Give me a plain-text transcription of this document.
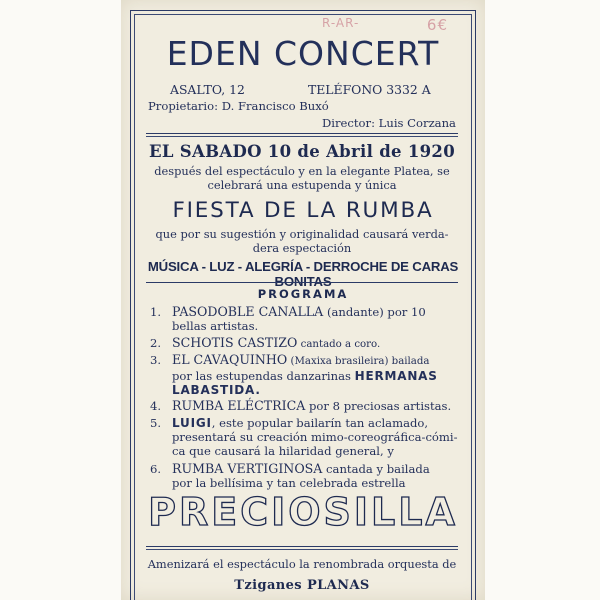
R-AR-	6€
EDEN CONCERT
ASALTO, 12	TELÉFONO 3332 A
Propietario: D. Francisco Buxó
Director: Luis Corzana
EL SABADO 10 de Abril de 1920
después del espectáculo y en la elegante Platea, se
celebrará una estupenda y única
FIESTA DE LA RUMBA
que por su sugestión y originalidad causará verda-
dera espectación
MÚSICA - LUZ - ALEGRÍA - DERROCHE DE CARAS BONITAS
PROGRAMA
1. PASODOBLE CANALLA (andante) por 10
bellas artistas.
2. SCHOTIS CASTIZO cantado a coro.
3. EL CAVAQUINHO (Maxixa brasileira) bailada
por las estupendas danzarinas HERMANAS
LABASTIDA.
4. RUMBA ELÉCTRICA por 8 preciosas artistas.
5. LUIGI, este popular bailarín tan aclamado,
presentará su creación mimo-coreográfica-cómi-
ca que causará la hilaridad general, y
6. RUMBA VERTIGINOSA cantada y bailada
por la bellísima y tan celebrada estrella
PRECIOSILLA
Amenizará el espectáculo la renombrada orquesta de
Tziganes PLANAS
